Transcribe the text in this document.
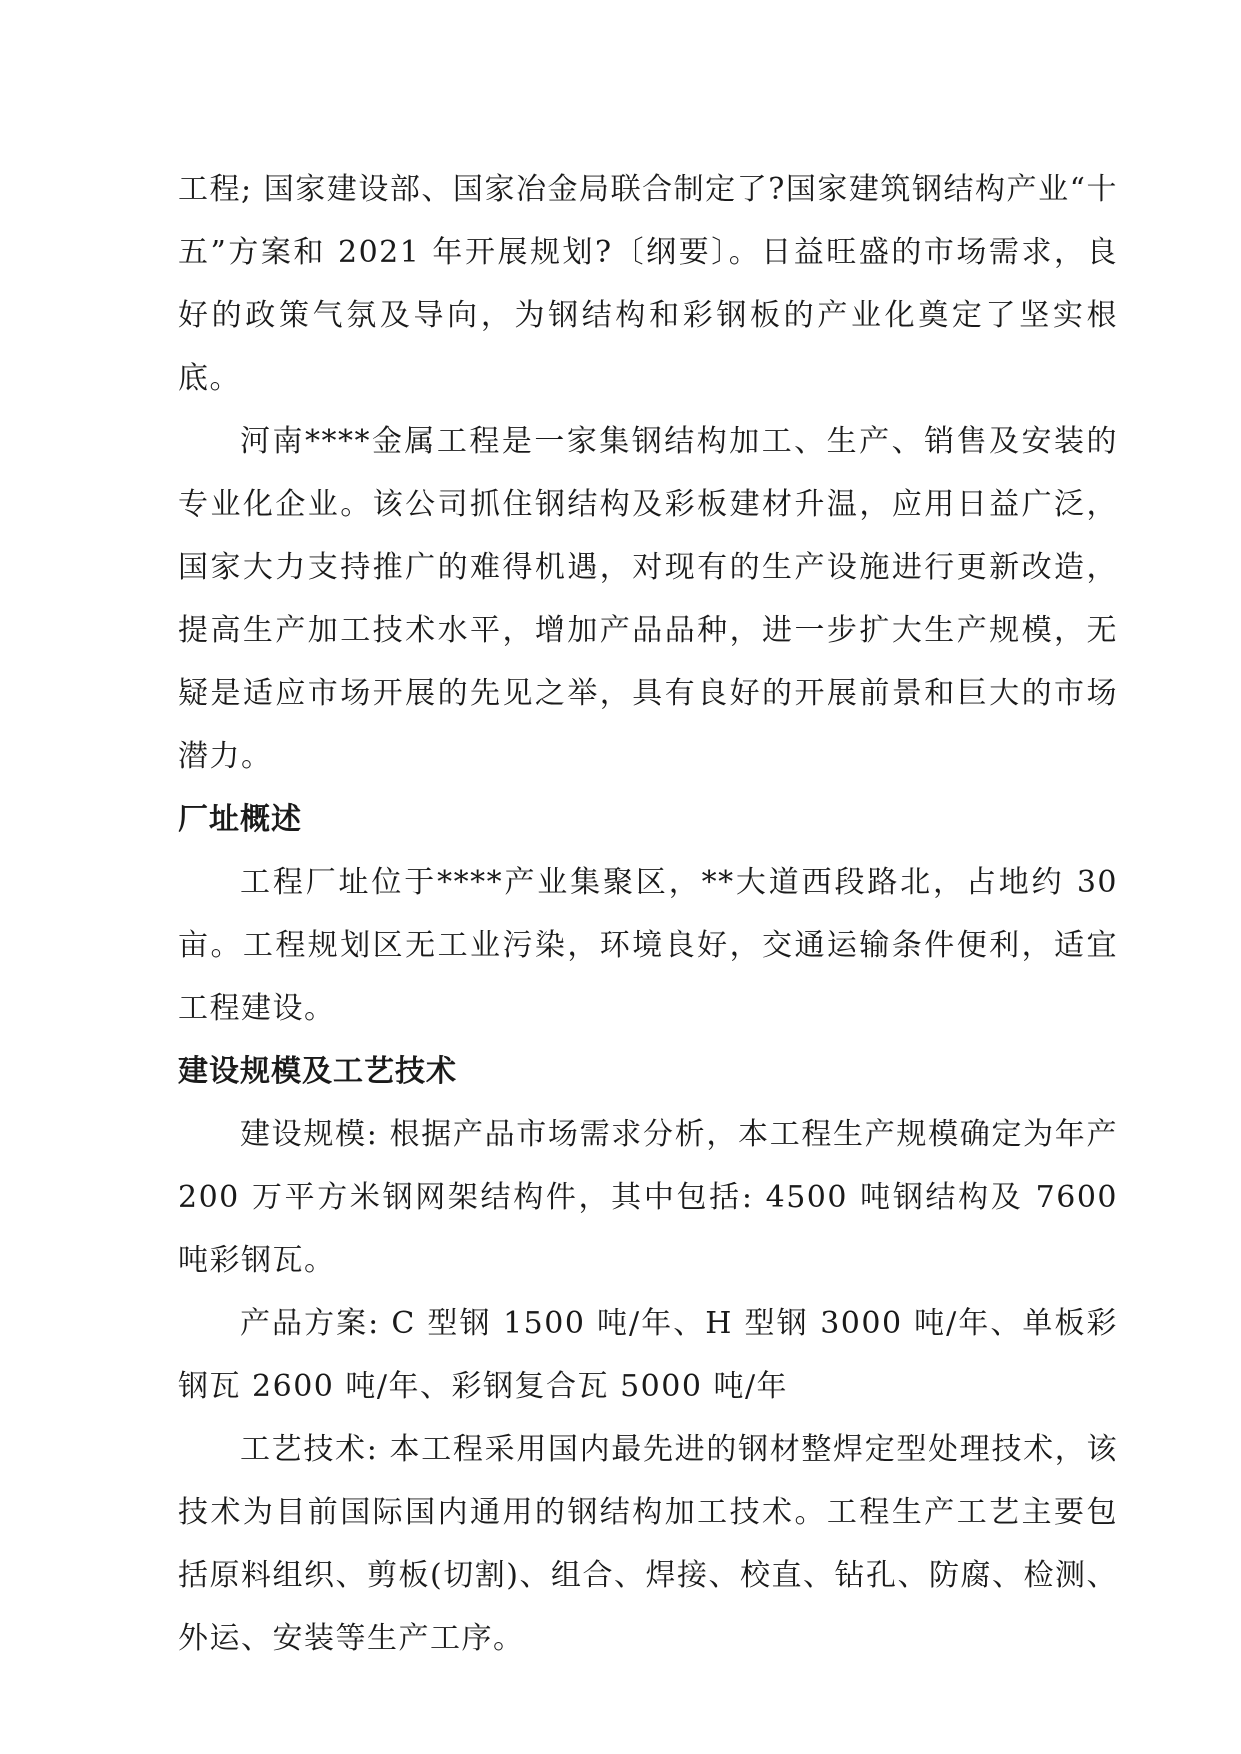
工程; 国家建设部、国家冶金局联合制定了?国家建筑钢结构产业“十五”方案和 2021 年开展规划?〔纲要〕。日益旺盛的市场需求，良好的政策气氛及导向，为钢结构和彩钢板的产业化奠定了坚实根底。

河南****金属工程是一家集钢结构加工、生产、销售及安装的专业化企业。该公司抓住钢结构及彩板建材升温，应用日益广泛，国家大力支持推广的难得机遇，对现有的生产设施进行更新改造，提高生产加工技术水平，增加产品品种，进一步扩大生产规模，无疑是适应市场开展的先见之举，具有良好的开展前景和巨大的市场潜力。

厂址概述

工程厂址位于****产业集聚区，**大道西段路北，占地约 30 亩。工程规划区无工业污染，环境良好，交通运输条件便利，适宜工程建设。

建设规模及工艺技术

建设规模: 根据产品市场需求分析，本工程生产规模确定为年产 200 万平方米钢网架结构件，其中包括: 4500 吨钢结构及 7600 吨彩钢瓦。

产品方案: C 型钢 1500 吨/年、H 型钢 3000 吨/年、单板彩钢瓦 2600 吨/年、彩钢复合瓦 5000 吨/年

工艺技术: 本工程采用国内最先进的钢材整焊定型处理技术，该技术为目前国际国内通用的钢结构加工技术。工程生产工艺主要包括原料组织、剪板(切割)、组合、焊接、校直、钻孔、防腐、检测、外运、安装等生产工序。
